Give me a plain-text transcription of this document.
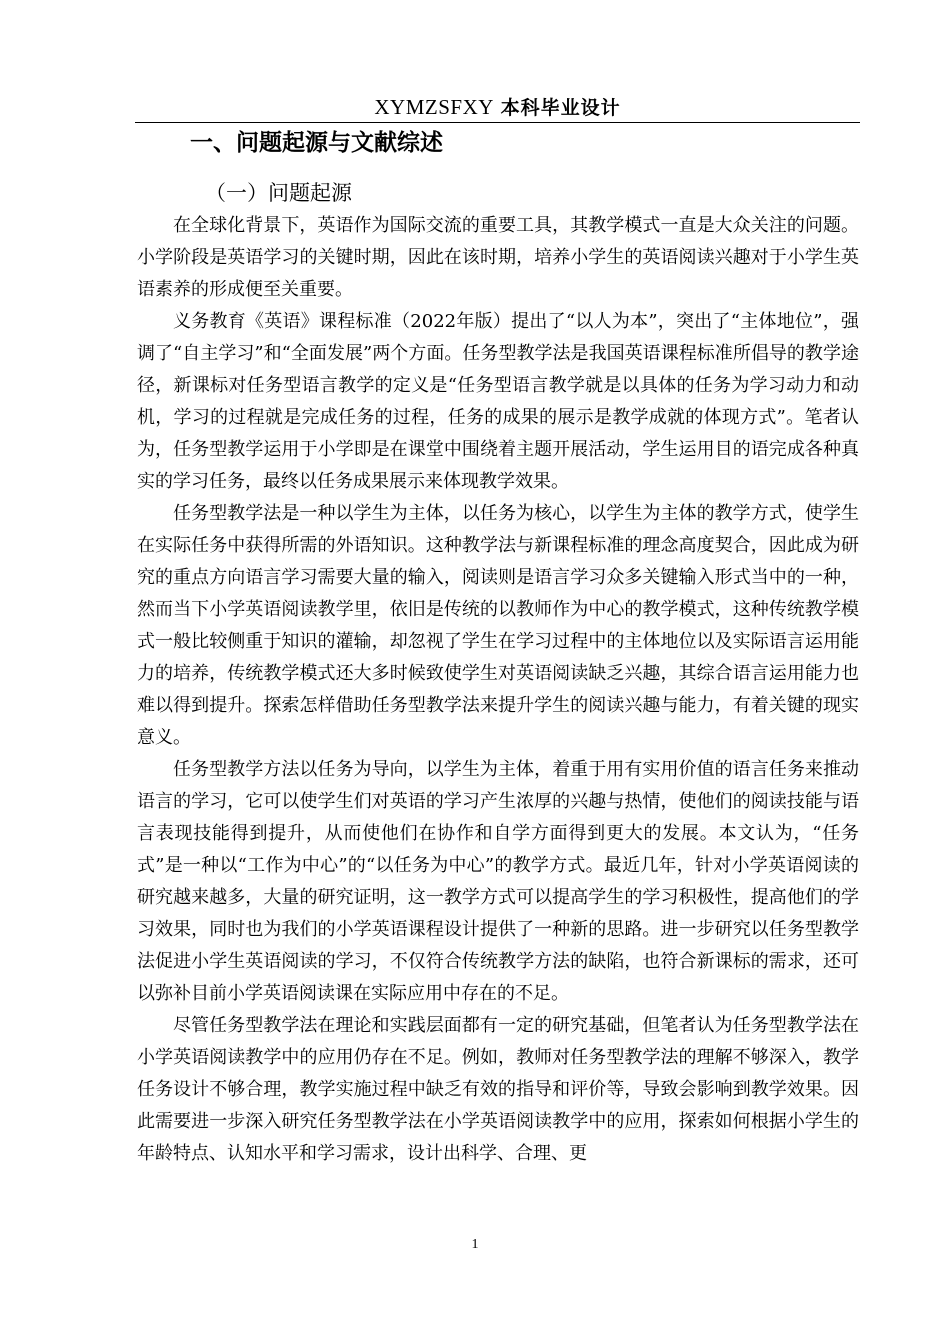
XYMZSFXY 本科毕业设计
一、问题起源与文献综述
（一）问题起源

在全球化背景下，英语作为国际交流的重要工具，其教学模式一直是大众关注的问题。小学阶段是英语学习的关键时期，因此在该时期，培养小学生的英语阅读兴趣对于小学生英语素养的形成便至关重要。

义务教育《英语》课程标准（2022年版）提出了“以人为本”，突出了“主体地位”，强调了“自主学习”和“全面发展”两个方面。任务型教学法是我国英语课程标准所倡导的教学途径，新课标对任务型语言教学的定义是“任务型语言教学就是以具体的任务为学习动力和动机，学习的过程就是完成任务的过程，任务的成果的展示是教学成就的体现方式”。笔者认为，任务型教学运用于小学即是在课堂中围绕着主题开展活动，学生运用目的语完成各种真实的学习任务，最终以任务成果展示来体现教学效果。

任务型教学法是一种以学生为主体，以任务为核心，以学生为主体的教学方式，使学生在实际任务中获得所需的外语知识。这种教学法与新课程标准的理念高度契合，因此成为研究的重点方向语言学习需要大量的输入，阅读则是语言学习众多关键输入形式当中的一种，然而当下小学英语阅读教学里，依旧是传统的以教师作为中心的教学模式，这种传统教学模式一般比较侧重于知识的灌输，却忽视了学生在学习过程中的主体地位以及实际语言运用能力的培养，传统教学模式还大多时候致使学生对英语阅读缺乏兴趣，其综合语言运用能力也难以得到提升。探索怎样借助任务型教学法来提升学生的阅读兴趣与能力，有着关键的现实意义。

任务型教学方法以任务为导向，以学生为主体，着重于用有实用价值的语言任务来推动语言的学习，它可以使学生们对英语的学习产生浓厚的兴趣与热情，使他们的阅读技能与语言表现技能得到提升，从而使他们在协作和自学方面得到更大的发展。本文认为，“任务式”是一种以“工作为中心”的“以任务为中心”的教学方式。最近几年，针对小学英语阅读的研究越来越多，大量的研究证明，这一教学方式可以提高学生的学习积极性，提高他们的学习效果，同时也为我们的小学英语课程设计提供了一种新的思路。进一步研究以任务型教学法促进小学生英语阅读的学习，不仅符合传统教学方法的缺陷，也符合新课标的需求，还可以弥补目前小学英语阅读课在实际应用中存在的不足。

尽管任务型教学法在理论和实践层面都有一定的研究基础，但笔者认为任务型教学法在小学英语阅读教学中的应用仍存在不足。例如，教师对任务型教学法的理解不够深入，教学任务设计不够合理，教学实施过程中缺乏有效的指导和评价等，导致会影响到教学效果。因此需要进一步深入研究任务型教学法在小学英语阅读教学中的应用，探索如何根据小学生的年龄特点、认知水平和学习需求，设计出科学、合理、更

1
